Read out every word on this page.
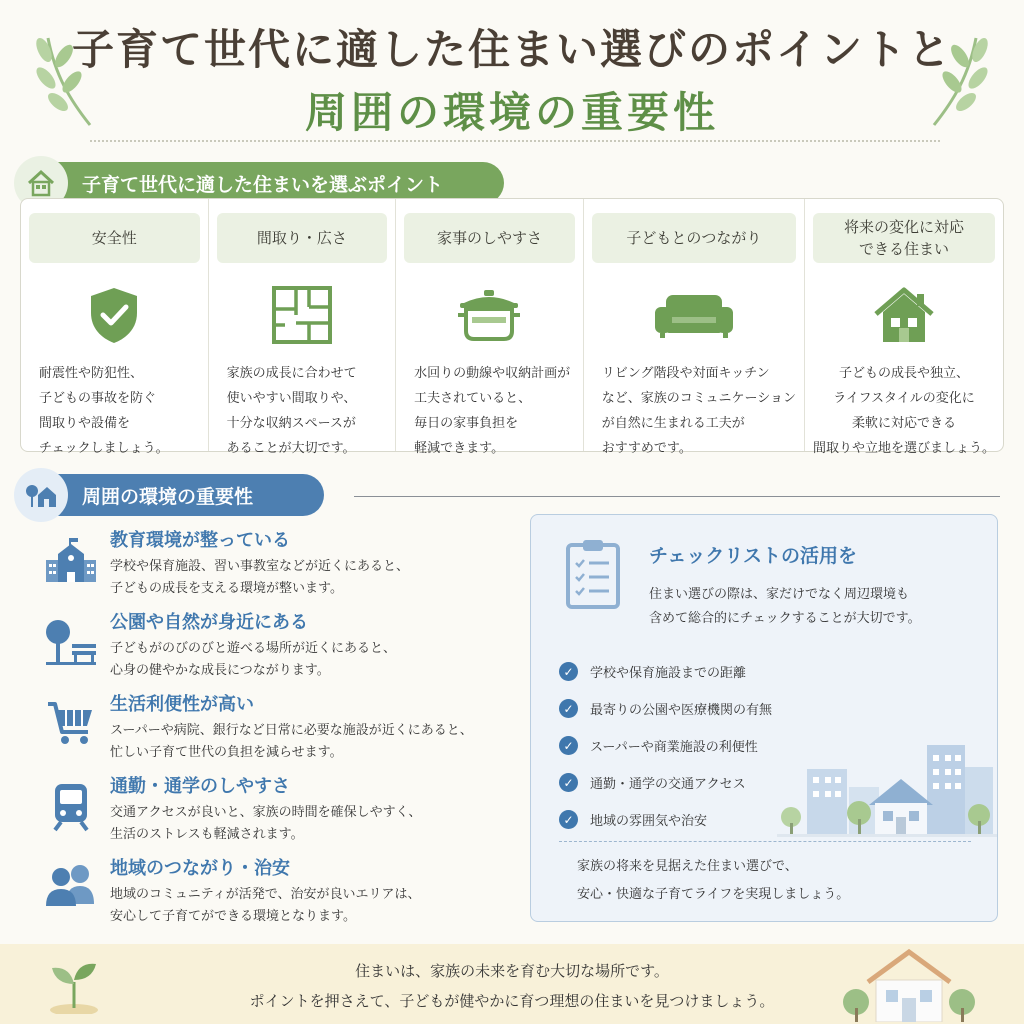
子育て世代に適した住まい選びのポイントと
周囲の環境の重要性
子育て世代に適した住まいを選ぶポイント
安全性
耐震性や防犯性、
子どもの事故を防ぐ
間取りや設備を
チェックしましょう。
間取り・広さ
家族の成長に合わせて
使いやすい間取りや、
十分な収納スペースが
あることが大切です。
家事のしやすさ
水回りの動線や収納計画が
工夫されていると、
毎日の家事負担を
軽減できます。
子どもとのつながり
リビング階段や対面キッチン
など、家族のコミュニケーション
が自然に生まれる工夫が
おすすめです。
将来の変化に対応
できる住まい
子どもの成長や独立、
ライフスタイルの変化に
柔軟に対応できる
間取りや立地を選びましょう。
周囲の環境の重要性
教育環境が整っている
学校や保育施設、習い事教室などが近くにあると、
子どもの成長を支える環境が整います。
公園や自然が身近にある
子どもがのびのびと遊べる場所が近くにあると、
心身の健やかな成長につながります。
生活利便性が高い
スーパーや病院、銀行など日常に必要な施設が近くにあると、
忙しい子育て世代の負担を減らせます。
通勤・通学のしやすさ
交通アクセスが良いと、家族の時間を確保しやすく、
生活のストレスも軽減されます。
地域のつながり・治安
地域のコミュニティが活発で、治安が良いエリアは、
安心して子育てができる環境となります。
チェックリストの活用を
住まい選びの際は、家だけでなく周辺環境も
含めて総合的にチェックすることが大切です。
✓	学校や保育施設までの距離
✓	最寄りの公園や医療機関の有無
✓	スーパーや商業施設の利便性
✓	通勤・通学の交通アクセス
✓	地域の雰囲気や治安
家族の将来を見据えた住まい選びで、
安心・快適な子育てライフを実現しましょう。
住まいは、家族の未来を育む大切な場所です。
ポイントを押さえて、子どもが健やかに育つ理想の住まいを見つけましょう。
